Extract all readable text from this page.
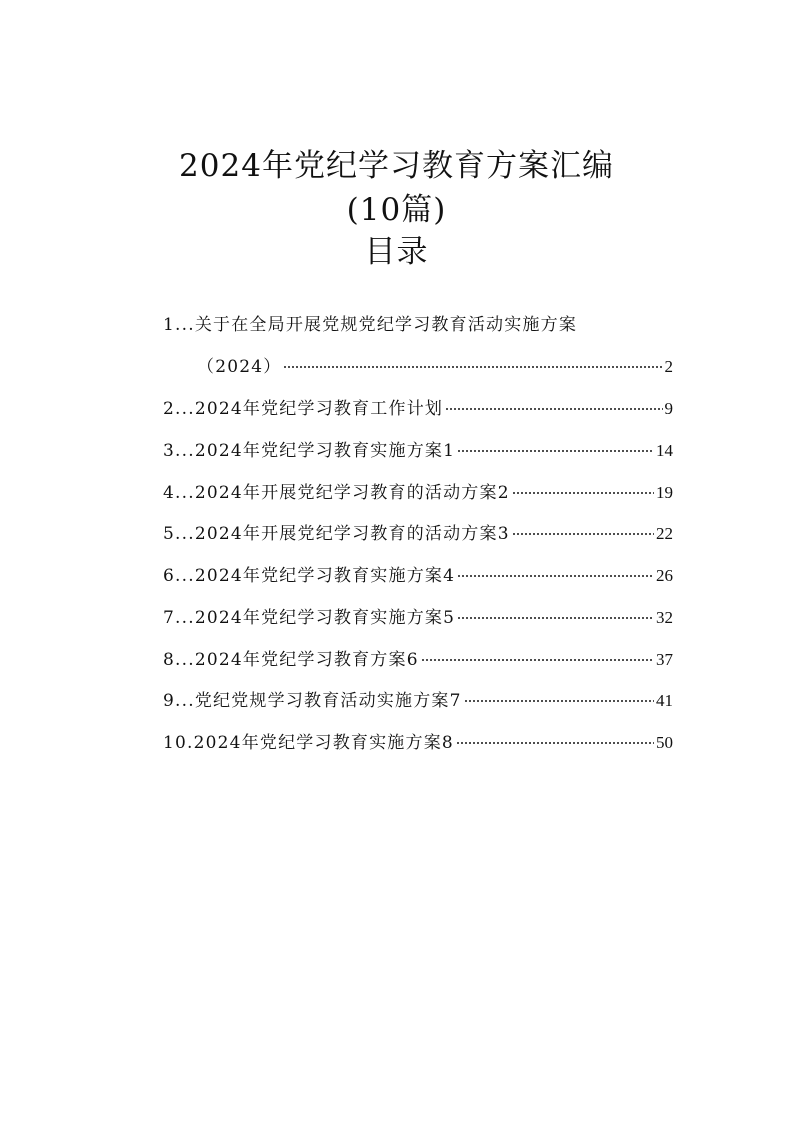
2024年党纪学习教育方案汇编
(10篇)
目录
1...关于在全局开展党规党纪学习教育活动实施方案
（2024）	2
2...2024年党纪学习教育工作计划	9
3...2024年党纪学习教育实施方案1	14
4...2024年开展党纪学习教育的活动方案2	19
5...2024年开展党纪学习教育的活动方案3	22
6...2024年党纪学习教育实施方案4	26
7...2024年党纪学习教育实施方案5	32
8...2024年党纪学习教育方案6	37
9...党纪党规学习教育活动实施方案7	41
10.2024年党纪学习教育实施方案8	50
